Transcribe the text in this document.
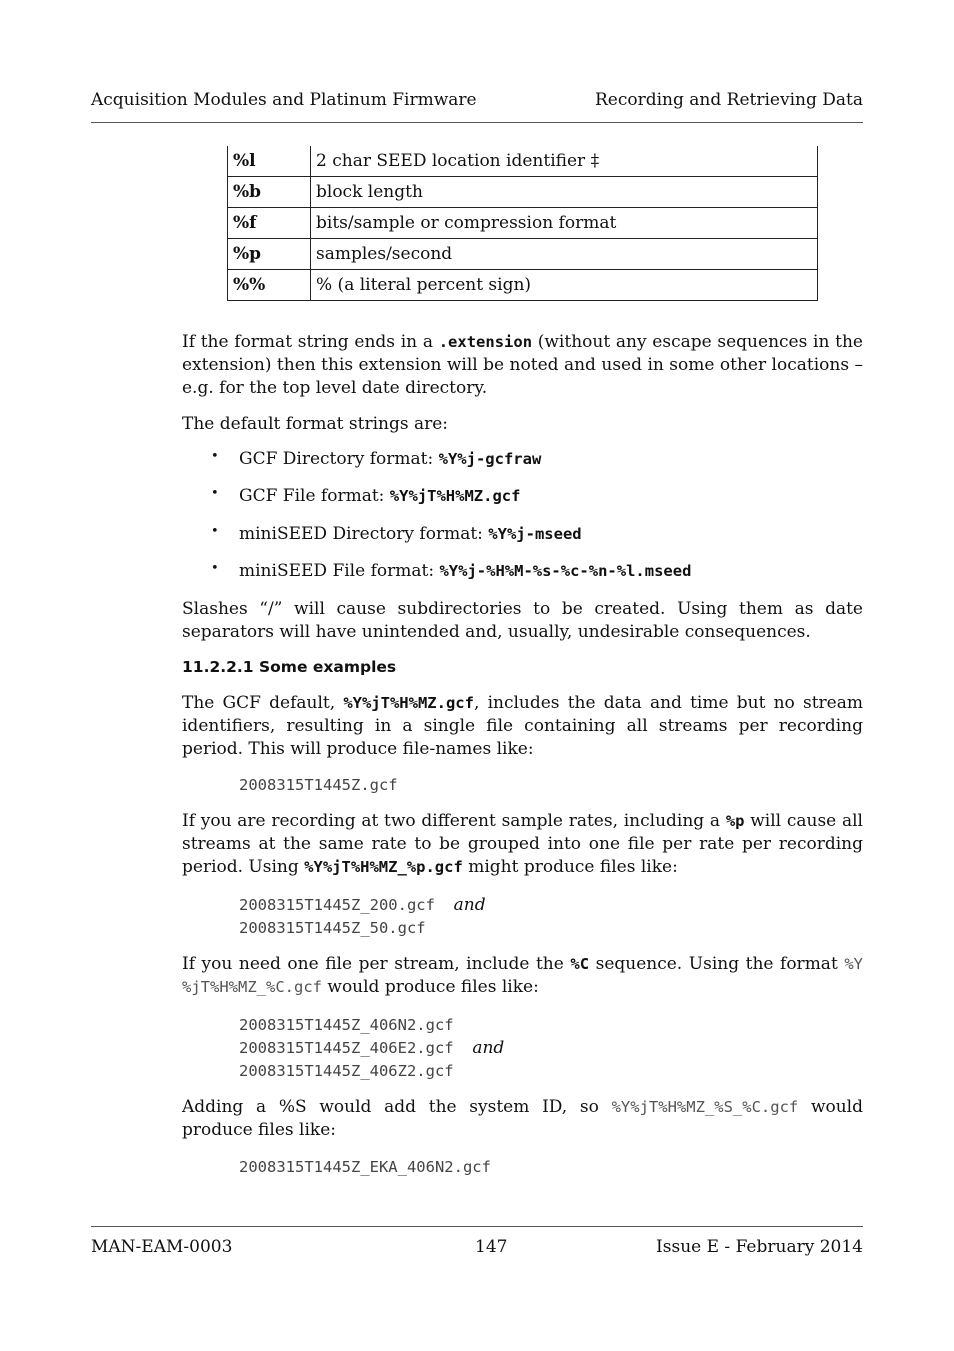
Acquisition Modules and Platinum Firmware	Recording and Retrieving Data
%l	2 char SEED location identifier ‡
%b	block length
%f	bits/sample or compression format
%p	samples/second
%%	% (a literal percent sign)
If the format string ends in a .extension (without any escape sequences in the extension) then this extension will be noted and used in some other locations – e.g. for the top level date directory.
The default format strings are:
• GCF Directory format: %Y%j-gcfraw
• GCF File format: %Y%jT%H%MZ.gcf
• miniSEED Directory format: %Y%j-mseed
• miniSEED File format: %Y%j-%H%M-%s-%c-%n-%l.mseed
Slashes “/” will cause subdirectories to be created. Using them as date separators will have unintended and, usually, undesirable consequences.
11.2.2.1 Some examples
The GCF default, %Y%jT%H%MZ.gcf, includes the data and time but no stream identifiers, resulting in a single file containing all streams per recording period. This will produce file-names like:
2008315T1445Z.gcf
If you are recording at two different sample rates, including a %p will cause all streams at the same rate to be grouped into one file per rate per recording period. Using %Y%jT%H%MZ_%p.gcf might produce files like:
2008315T1445Z_200.gcf and
2008315T1445Z_50.gcf
If you need one file per stream, include the %C sequence. Using the format %Y %jT%H%MZ_%C.gcf would produce files like:
2008315T1445Z_406N2.gcf
2008315T1445Z_406E2.gcf and
2008315T1445Z_406Z2.gcf
Adding a %S would add the system ID, so %Y%jT%H%MZ_%S_%C.gcf would produce files like:
2008315T1445Z_EKA_406N2.gcf
MAN-EAM-0003	147	Issue E - February 2014
